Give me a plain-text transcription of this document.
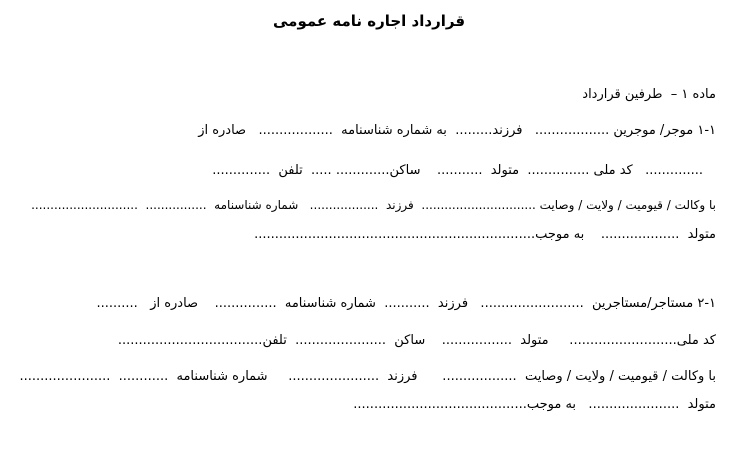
قرارداد اجاره نامه عمومی
ماده ۱ –  طرفین قرارداد
۱-۱ موجر/ موجرین ..................   فرزند.........  به شماره شناسنامه  ..................   صادره از
..............   کد ملی ...............  متولد  ...........    ساکن............. .....  تلفن  ..............
با وکالت / قیومیت / ولایت / وصایت ..............................  فرزند  ..................   شماره شناسنامه  ................  ............................
متولد  ...................    به موجب....................................................................
۲-۱ مستاجر/مستاجرین  .........................   فرزند  ...........  شماره شناسنامه  ...............    صادره از   ..........
کد ملی..........................     متولد  .................    ساکن  ......................  تلفن...................................
با وکالت / قیومیت / ولایت / وصایت  ..................      فرزند  ......................     شماره شناسنامه  ............  ......................
متولد  ......................   به موجب..........................................
